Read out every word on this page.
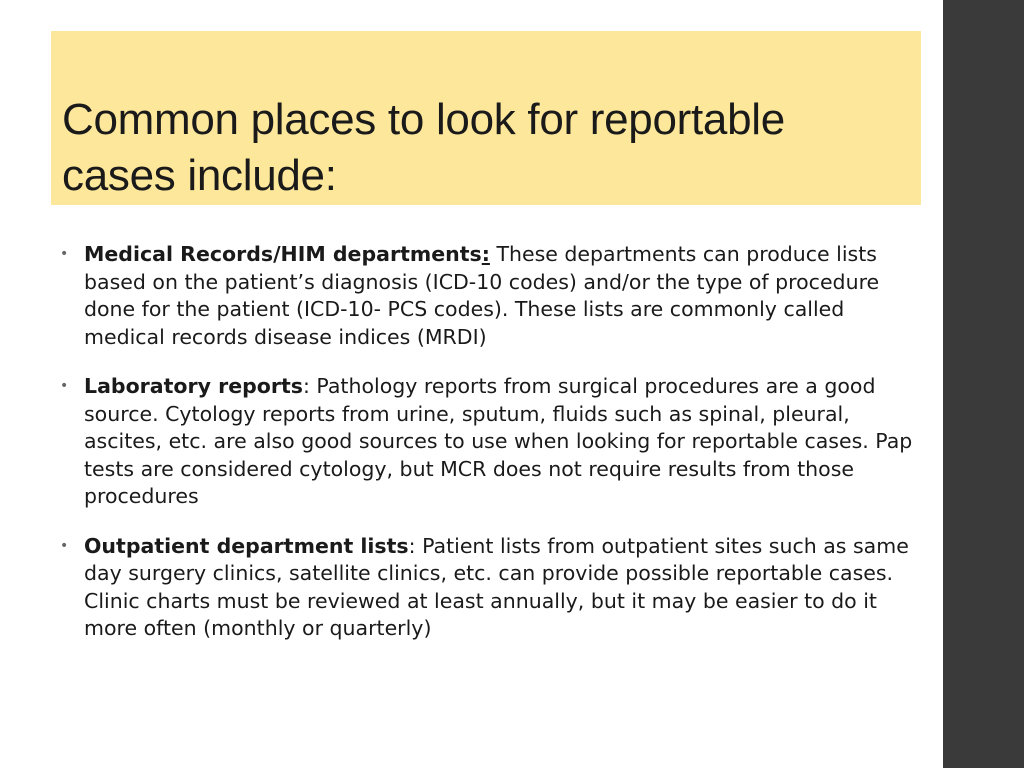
Common places to look for reportable cases include:
• Medical Records/HIM departments: These departments can produce lists based on the patient’s diagnosis (ICD-10 codes) and/or the type of procedure done for the patient (ICD-10- PCS codes). These lists are commonly called medical records disease indices (MRDI)
• Laboratory reports: Pathology reports from surgical procedures are a good source. Cytology reports from urine, sputum, fluids such as spinal, pleural, ascites, etc. are also good sources to use when looking for reportable cases. Pap tests are considered cytology, but MCR does not require results from those procedures
• Outpatient department lists: Patient lists from outpatient sites such as same day surgery clinics, satellite clinics, etc. can provide possible reportable cases. Clinic charts must be reviewed at least annually, but it may be easier to do it more often (monthly or quarterly)
